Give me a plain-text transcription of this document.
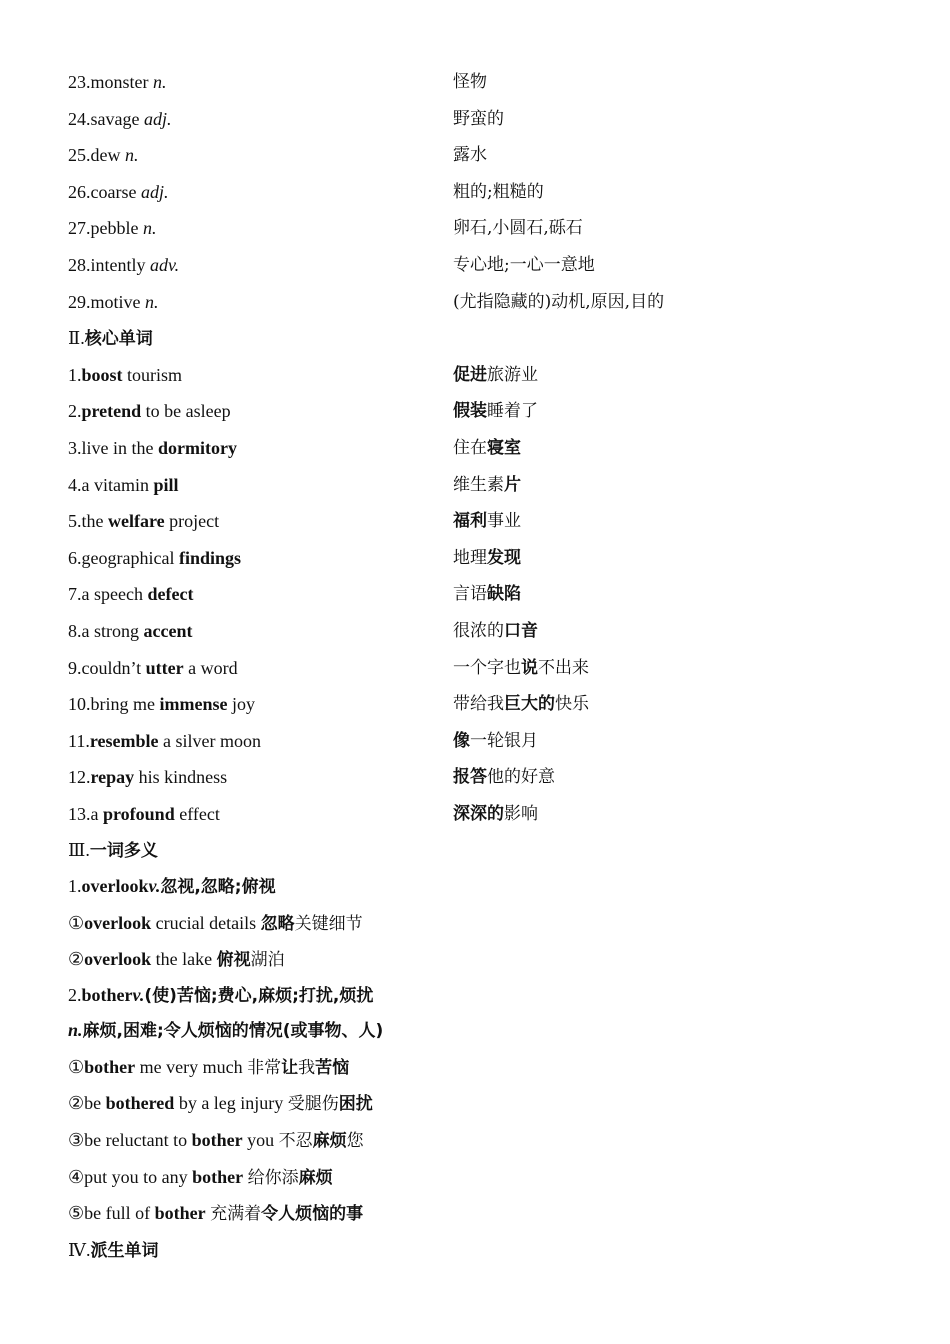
23.monster n.	怪物
24.savage adj.	野蛮的
25.dew n.	露水
26.coarse adj.	粗的;粗糙的
27.pebble n.	卵石,小圆石,砾石
28.intently adv.	专心地;一心一意地
29.motive n.	(尤指隐藏的)动机,原因,目的
Ⅱ.核心单词
1.boost tourism	促进旅游业
2.pretend to be asleep	假装睡着了
3.live in the dormitory	住在寝室
4.a vitamin pill	维生素片
5.the welfare project	福利事业
6.geographical findings	地理发现
7.a speech defect	言语缺陷
8.a strong accent	很浓的口音
9.couldn’t utter a word	一个字也说不出来
10.bring me immense joy	带给我巨大的快乐
11.resemble a silver moon	像一轮银月
12.repay his kindness	报答他的好意
13.a profound effect	深深的影响
Ⅲ.一词多义
1.overlookv.忽视,忽略;俯视
①overlook crucial details 忽略关键细节
②overlook the lake 俯视湖泊
2.botherv.(使)苦恼;费心,麻烦;打扰,烦扰
n.麻烦,困难;令人烦恼的情况(或事物、人)
①bother me very much 非常让我苦恼
②be bothered by a leg injury 受腿伤困扰
③be reluctant to bother you 不忍麻烦您
④put you to any bother 给你添麻烦
⑤be full of bother 充满着令人烦恼的事
Ⅳ.派生单词
